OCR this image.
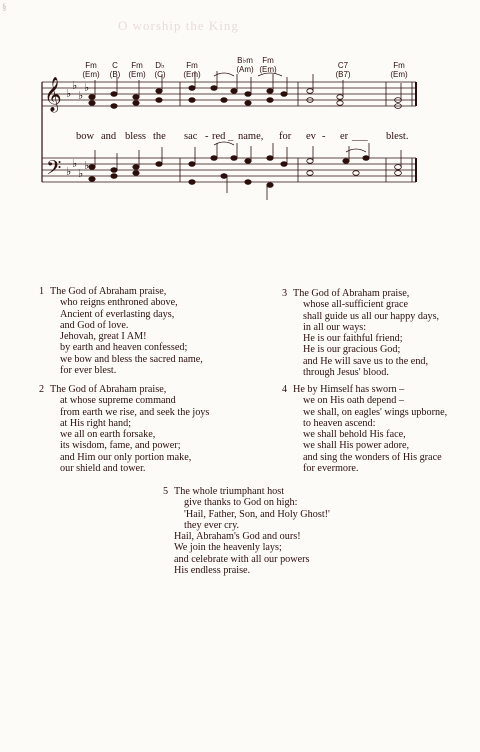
§
O worship the King
Fm
(Em)
C
(B)
Fm
(Em)
D♭
(C)
Fm
(Em)
B♭m
(Am)
Fm
(Em)	C7
(B7)
Fm
(Em)
𝄞
𝄢
♭
♭
♭
♭
♭
♭
♭
♭
bow and bless the sac - red _ name, for ev - er ___ blest.
1 The God of Abraham praise,
who reigns enthroned above,
Ancient of everlasting days,
and God of love.
Jehovah, great I AM!
by earth and heaven confessed;
we bow and bless the sacred name,
for ever blest.
2 The God of Abraham praise,
at whose supreme command
from earth we rise, and seek the joys
at His right hand;
we all on earth forsake,
its wisdom, fame, and power;
and Him our only portion make,
our shield and tower.
3 The God of Abraham praise,
whose all-sufficient grace
shall guide us all our happy days,
in all our ways:
He is our faithful friend;
He is our gracious God;
and He will save us to the end,
through Jesus' blood.
4 He by Himself has sworn –
we on His oath depend –
we shall, on eagles' wings upborne,
to heaven ascend:
we shall behold His face,
we shall His power adore,
and sing the wonders of His grace
for evermore.
5 The whole triumphant host
give thanks to God on high:
'Hail, Father, Son, and Holy Ghost!'
they ever cry.
Hail, Abraham's God and ours!
We join the heavenly lays;
and celebrate with all our powers
His endless praise.
